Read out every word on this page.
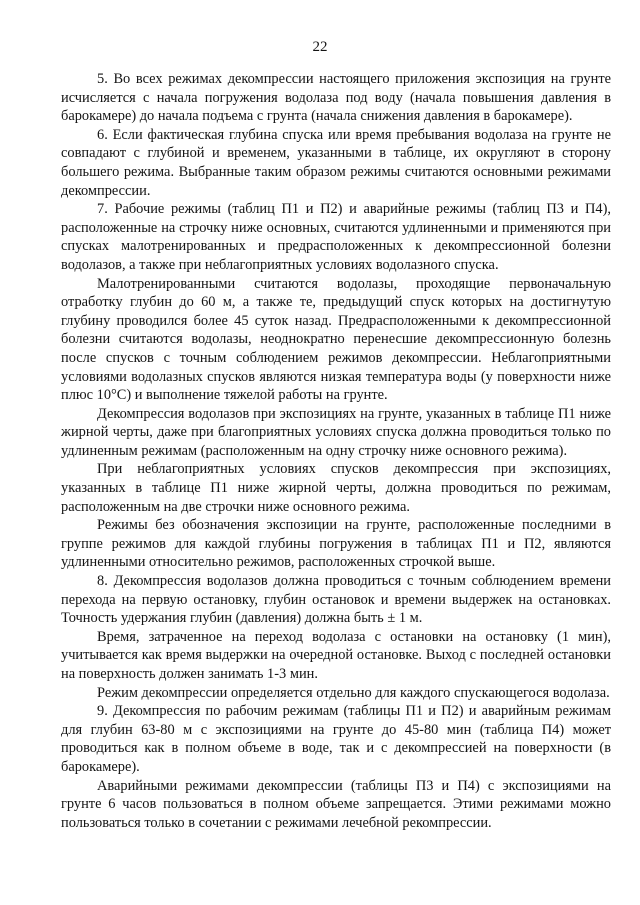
22

5. Во всех режимах декомпрессии настоящего приложения экспозиция на грунте исчисляется с начала погружения водолаза под воду (начала повышения давления в барокамере) до начала подъема с грунта (начала снижения давления в барокамере).

6. Если фактическая глубина спуска или время пребывания водолаза на грунте не совпадают с глубиной и временем, указанными в таблице, их округляют в сторону большего режима. Выбранные таким образом режимы считаются основными режимами декомпрессии.

7. Рабочие режимы (таблиц П1 и П2) и аварийные режимы (таблиц П3 и П4), расположенные на строчку ниже основных, считаются удлиненными и применяются при спусках малотренированных и предрасположенных к декомпрессионной болезни водолазов, а также при неблагоприятных условиях водолазного спуска.

Малотренированными считаются водолазы, проходящие первоначальную отработку глубин до 60 м, а также те, предыдущий спуск которых на достигнутую глубину проводился более 45 суток назад. Предрасположенными к декомпрессионной болезни считаются водолазы, неоднократно перенесшие декомпрессионную болезнь после спусков с точным соблюдением режимов декомпрессии. Неблагоприятными условиями водолазных спусков являются низкая температура воды (у поверхности ниже плюс 10°С) и выполнение тяжелой работы на грунте.

Декомпрессия водолазов при экспозициях на грунте, указанных в таблице П1 ниже жирной черты, даже при благоприятных условиях спуска должна проводиться только по удлиненным режимам (расположенным на одну строчку ниже основного режима).

При неблагоприятных условиях спусков декомпрессия при экспозициях, указанных в таблице П1 ниже жирной черты, должна проводиться по режимам, расположенным на две строчки ниже основного режима.

Режимы без обозначения экспозиции на грунте, расположенные последними в группе режимов для каждой глубины погружения в таблицах П1 и П2, являются удлиненными относительно режимов, расположенных строчкой выше.

8. Декомпрессия водолазов должна проводиться с точным соблюдением времени перехода на первую остановку, глубин остановок и времени выдержек на остановках. Точность удержания глубин (давления) должна быть ± 1 м.

Время, затраченное на переход водолаза с остановки на остановку (1 мин), учитывается как время выдержки на очередной остановке. Выход с последней остановки на поверхность должен занимать 1-3 мин.

Режим декомпрессии определяется отдельно для каждого спускающегося водолаза.

9. Декомпрессия по рабочим режимам (таблицы П1 и П2) и аварийным режимам для глубин 63-80 м с экспозициями на грунте до 45-80 мин (таблица П4) может проводиться как в полном объеме в воде, так и с декомпрессией на поверхности (в барокамере).

Аварийными режимами декомпрессии (таблицы П3 и П4) с экспозициями на грунте 6 часов пользоваться в полном объеме запрещается. Этими режимами можно пользоваться только в сочетании с режимами лечебной рекомпрессии.
